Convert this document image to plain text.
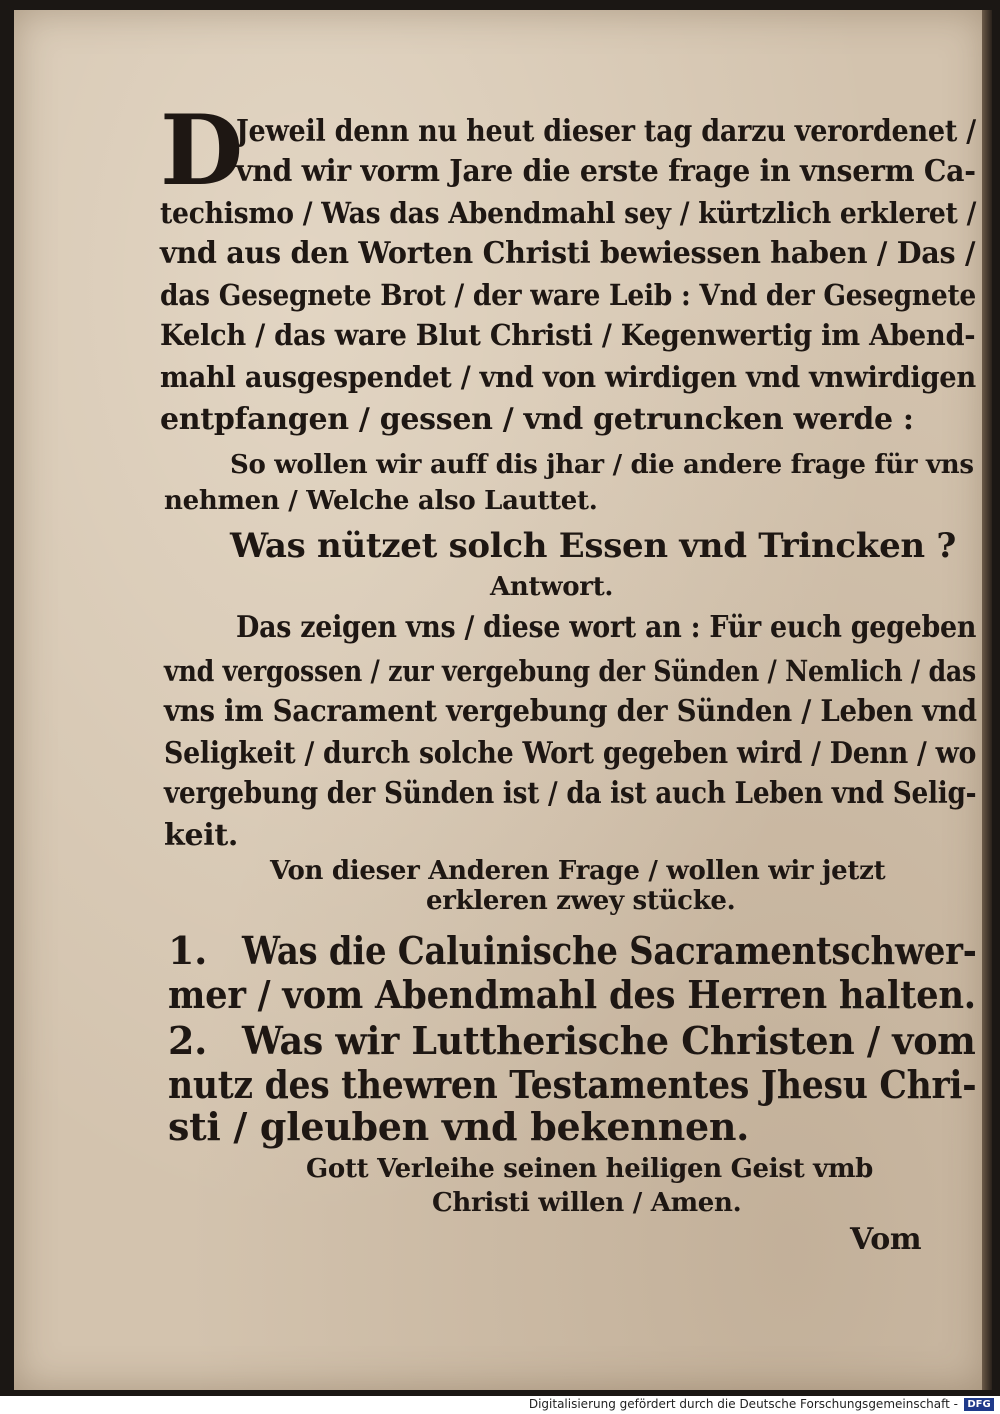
D
Jeweil denn nu heut dieser tag darzu verordenet /
vnd wir vorm Jare die erste frage in vnserm Ca-
techismo / Was das Abendmahl sey / kürtzlich erkleret /
vnd aus den Worten Christi bewiessen haben / Das /
das Gesegnete Brot / der ware Leib : Vnd der Gesegnete
Kelch / das ware Blut Christi / Kegenwertig im Abend-
mahl ausgespendet / vnd von wirdigen vnd vnwirdigen
entpfangen / gessen / vnd getruncken werde :
So wollen wir auff dis jhar / die andere frage für vns
nehmen / Welche also Lauttet.
Was nützet solch Essen vnd Trincken ?
Antwort.
Das zeigen vns / diese wort an : Für euch gegeben
vnd vergossen / zur vergebung der Sünden / Nemlich / das
vns im Sacrament vergebung der Sünden / Leben vnd
Seligkeit / durch solche Wort gegeben wird / Denn / wo
vergebung der Sünden ist / da ist auch Leben vnd Selig-
keit.
Von dieser Anderen Frage / wollen wir jetzt
erkleren zwey stücke.
1. Was die Caluinische Sacramentschwer-
mer / vom Abendmahl des Herren halten.
2. Was wir Luttherische Christen / vom
nutz des thewren Testamentes Jhesu Chri-
sti / gleuben vnd bekennen.
Gott Verleihe seinen heiligen Geist vmb
Christi willen / Amen.
Vom
Digitalisierung gefördert durch die Deutsche Forschungsgemeinschaft - DFG
